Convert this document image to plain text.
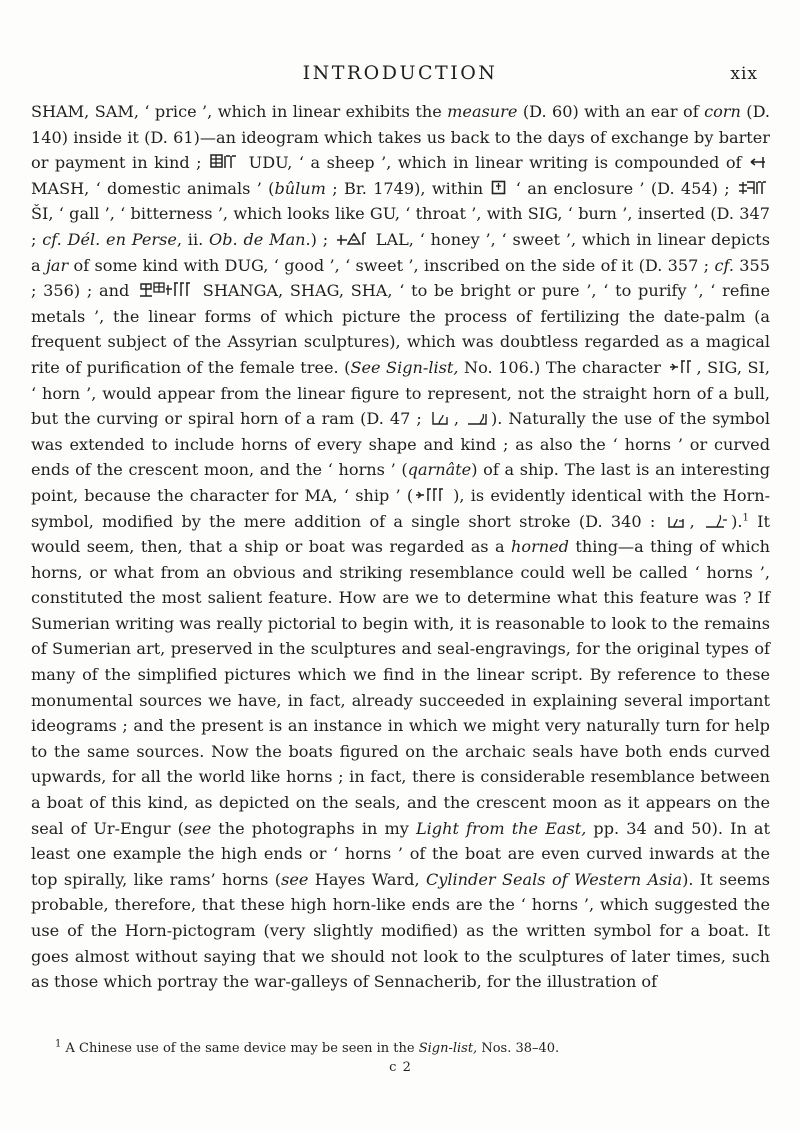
INTRODUCTION	xix

SHAM, SAM, ‘ price ’, which in linear exhibits the measure (D. 60) with an ear of corn (D. 140) inside it (D. 61)—an ideogram which takes us back to the days of exchange by barter or payment in kind ;
UDU, ‘ a sheep ’, which in linear writing is compounded of
MASH, ‘ domestic animals ’ (bûlum ; Br. 1749), within
‘ an enclosure ’ (D. 454) ;
ŠI, ‘ gall ’, ‘ bitterness ’, which looks like GU, ‘ throat ’, with SIG, ‘ burn ’, inserted (D. 347 ; cf. Dél. en Perse, ii. Ob. de Man.) ;
LAL, ‘ honey ’, ‘ sweet ’, which in linear depicts a jar of some kind with DUG, ‘ good ’, ‘ sweet ’, inscribed on the side of it (D. 357 ; cf. 355 ; 356) ; and	SHANGA, SHAG, SHA, ‘ to be bright or pure ’, ‘ to purify ’, ‘ refine metals ’, the linear forms of which picture the process of fertilizing the date-palm (a frequent subject of the Assyrian sculptures), which was doubtless regarded as a magical rite of purification of the female tree. (See Sign-list, No. 106.) The character
, SIG, SI, ‘ horn ’, would appear from the linear figure to represent, not the straight horn of a bull, but the curving or spiral horn of a ram (D. 47 ;
,
). Naturally the use of the symbol was extended to include horns of every shape and kind ; as also the ‘ horns ’ or curved ends of the crescent moon, and the ‘ horns ’ (qarnâte) of a ship. The last is an interesting point, because the character for MA, ‘ ship ’ ( ), is evidently identical with the Horn-symbol, modified by the mere addition of a single short stroke (D. 340 :
,
).$^1$ It would seem, then, that a ship or boat was regarded as a horned thing—a thing of which horns, or what from an obvious and striking resemblance could well be called ‘ horns ’, constituted the most salient feature. How are we to determine what this feature was ? If Sumerian writing was really pictorial to begin with, it is reasonable to look to the remains of Sumerian art, preserved in the sculptures and seal-engravings, for the original types of many of the simplified pictures which we find in the linear script. By reference to these monumental sources we have, in fact, already succeeded in explaining several important ideograms ; and the present is an instance in which we might very naturally turn for help to the same sources. Now the boats figured on the archaic seals have both ends curved upwards, for all the world like horns ; in fact, there is considerable resemblance between a boat of this kind, as depicted on the seals, and the crescent moon as it appears on the seal of Ur-Engur (see the photographs in my Light from the East, pp. 34 and 50). In at least one example the high ends or ‘ horns ’ of the boat are even curved inwards at the top spirally, like rams’ horns (see Hayes Ward, Cylinder Seals of Western Asia). It seems probable, therefore, that these high horn-like ends are the ‘ horns ’, which suggested the use of the Horn-pictogram (very slightly modified) as the written symbol for a boat. It goes almost without saying that we should not look to the sculptures of later times, such as those which portray the war-galleys of Sennacherib, for the illustration of

$^1$ A Chinese use of the same device may be seen in the Sign-list, Nos. 38–40.
c 2
